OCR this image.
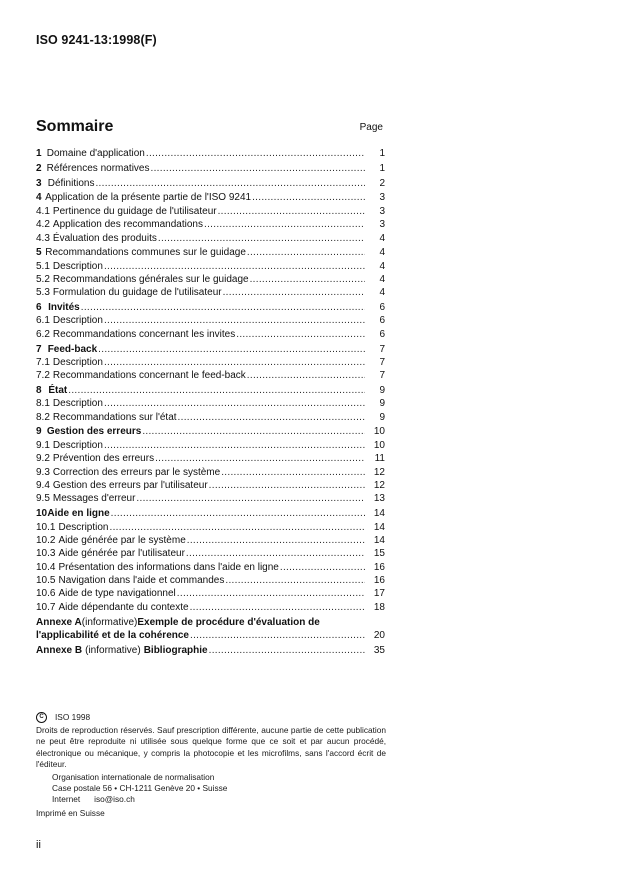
ISO 9241-13:1998(F)
Sommaire	Page
1 Domaine d'application .....	1
2 Références normatives .....	1
3 Définitions .....	2
4 Application de la présente partie de l'ISO 9241 .....	3
4.1 Pertinence du guidage de l'utilisateur .....	3
4.2 Application des recommandations .....	3
4.3 Évaluation des produits .....	4
5 Recommandations communes sur le guidage .....	4
5.1 Description .....	4
5.2 Recommandations générales sur le guidage .....	4
5.3 Formulation du guidage de l'utilisateur .....	4
6 Invités .....	6
6.1 Description .....	6
6.2 Recommandations concernant les invites .....	6
7 Feed-back .....	7
7.1 Description .....	7
7.2 Recommandations concernant le feed-back .....	7
8 État .....	9
8.1 Description .....	9
8.2 Recommandations sur l'état .....	9
9 Gestion des erreurs .....	10
9.1 Description .....	10
9.2 Prévention des erreurs .....	11
9.3 Correction des erreurs par le système .....	12
9.4 Gestion des erreurs par l'utilisateur .....	12
9.5 Messages d'erreur .....	13
10 Aide en ligne .....	14
10.1 Description .....	14
10.2 Aide générée par le système .....	14
10.3 Aide générée par l'utilisateur .....	15
10.4 Présentation des informations dans l'aide en ligne .....	16
10.5 Navigation dans l'aide et commandes .....	16
10.6 Aide de type navigationnel .....	17
10.7 Aide dépendante du contexte .....	18
Annexe A (informative) Exemple de procédure d'évaluation de
l'applicabilité et de la cohérence .....	20
Annexe B (informative) Bibliographie .....	35
C	ISO 1998
Droits de reproduction réservés. Sauf prescription différente, aucune partie de cette publication ne peut être reproduite ni utilisée sous quelque forme que ce soit et par aucun procédé, électronique ou mécanique, y compris la photocopie et les microfilms, sans l'accord écrit de l'éditeur.
Organisation internationale de normalisation
Case postale 56 • CH-1211 Genève 20 • Suisse
Internet iso@iso.ch
Imprimé en Suisse
ii
